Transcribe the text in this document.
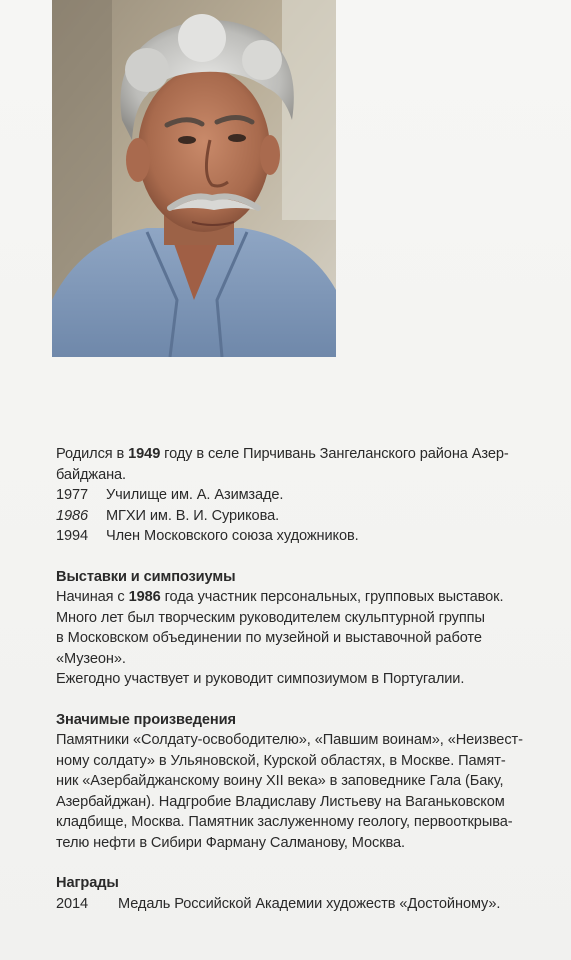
Родился в 1949 году в селе Пирчивань Зангеланского района Азер-
байджана.
1977	Училище им. А. Азимзаде.
1986	МГХИ им. В. И. Сурикова.
1994	Член Московского союза художников.
Выставки и симпозиумы
Начиная с 1986 года участник персональных, групповых выставок.
Много лет был творческим руководителем скульптурной группы
в Московском объединении по музейной и выставочной работе
«Музеон».
Ежегодно участвует и руководит симпозиумом в Португалии.
Значимые произведения
Памятники «Солдату-освободителю», «Павшим воинам», «Неизвест-
ному солдату» в Ульяновской, Курской областях, в Москве. Памят-
ник «Азербайджанскому воину XII века» в заповеднике Гала (Баку,
Азербайджан). Надгробие Владиславу Листьеву на Ваганьковском
кладбище, Москва. Памятник заслуженному геологу, первооткрыва-
телю нефти в Сибири Фарману Салманову, Москва.
Награды
2014	Медаль Российской Академии художеств «Достойному».
